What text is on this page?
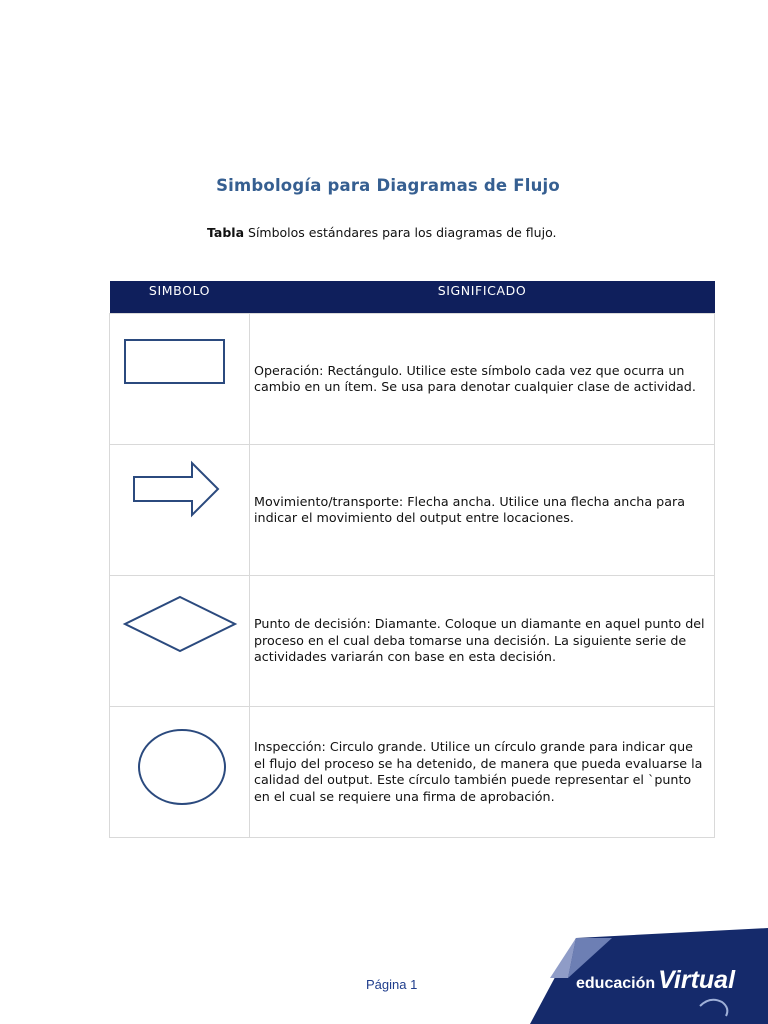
Simbología para Diagramas de Flujo
Tabla Símbolos estándares para los diagramas de flujo.
SIMBOLO	SIGNIFICADO

	Operación: Rectángulo. Utilice este símbolo cada vez que ocurra un cambio en un ítem. Se usa para denotar cualquier clase de actividad.

	Movimiento/transporte: Flecha ancha. Utilice una flecha ancha para indicar el movimiento del output entre locaciones.

	Punto de decisión: Diamante. Coloque un diamante en aquel punto del proceso en el cual deba tomarse una decisión. La siguiente serie de actividades variarán con base en esta decisión.

	Inspección: Circulo grande. Utilice un círculo grande para indicar que el flujo del proceso se ha detenido, de manera que pueda evaluarse la calidad del output. Este círculo también puede representar el `punto en el cual se requiere una firma de aprobación.
Página 1	educación Virtual
